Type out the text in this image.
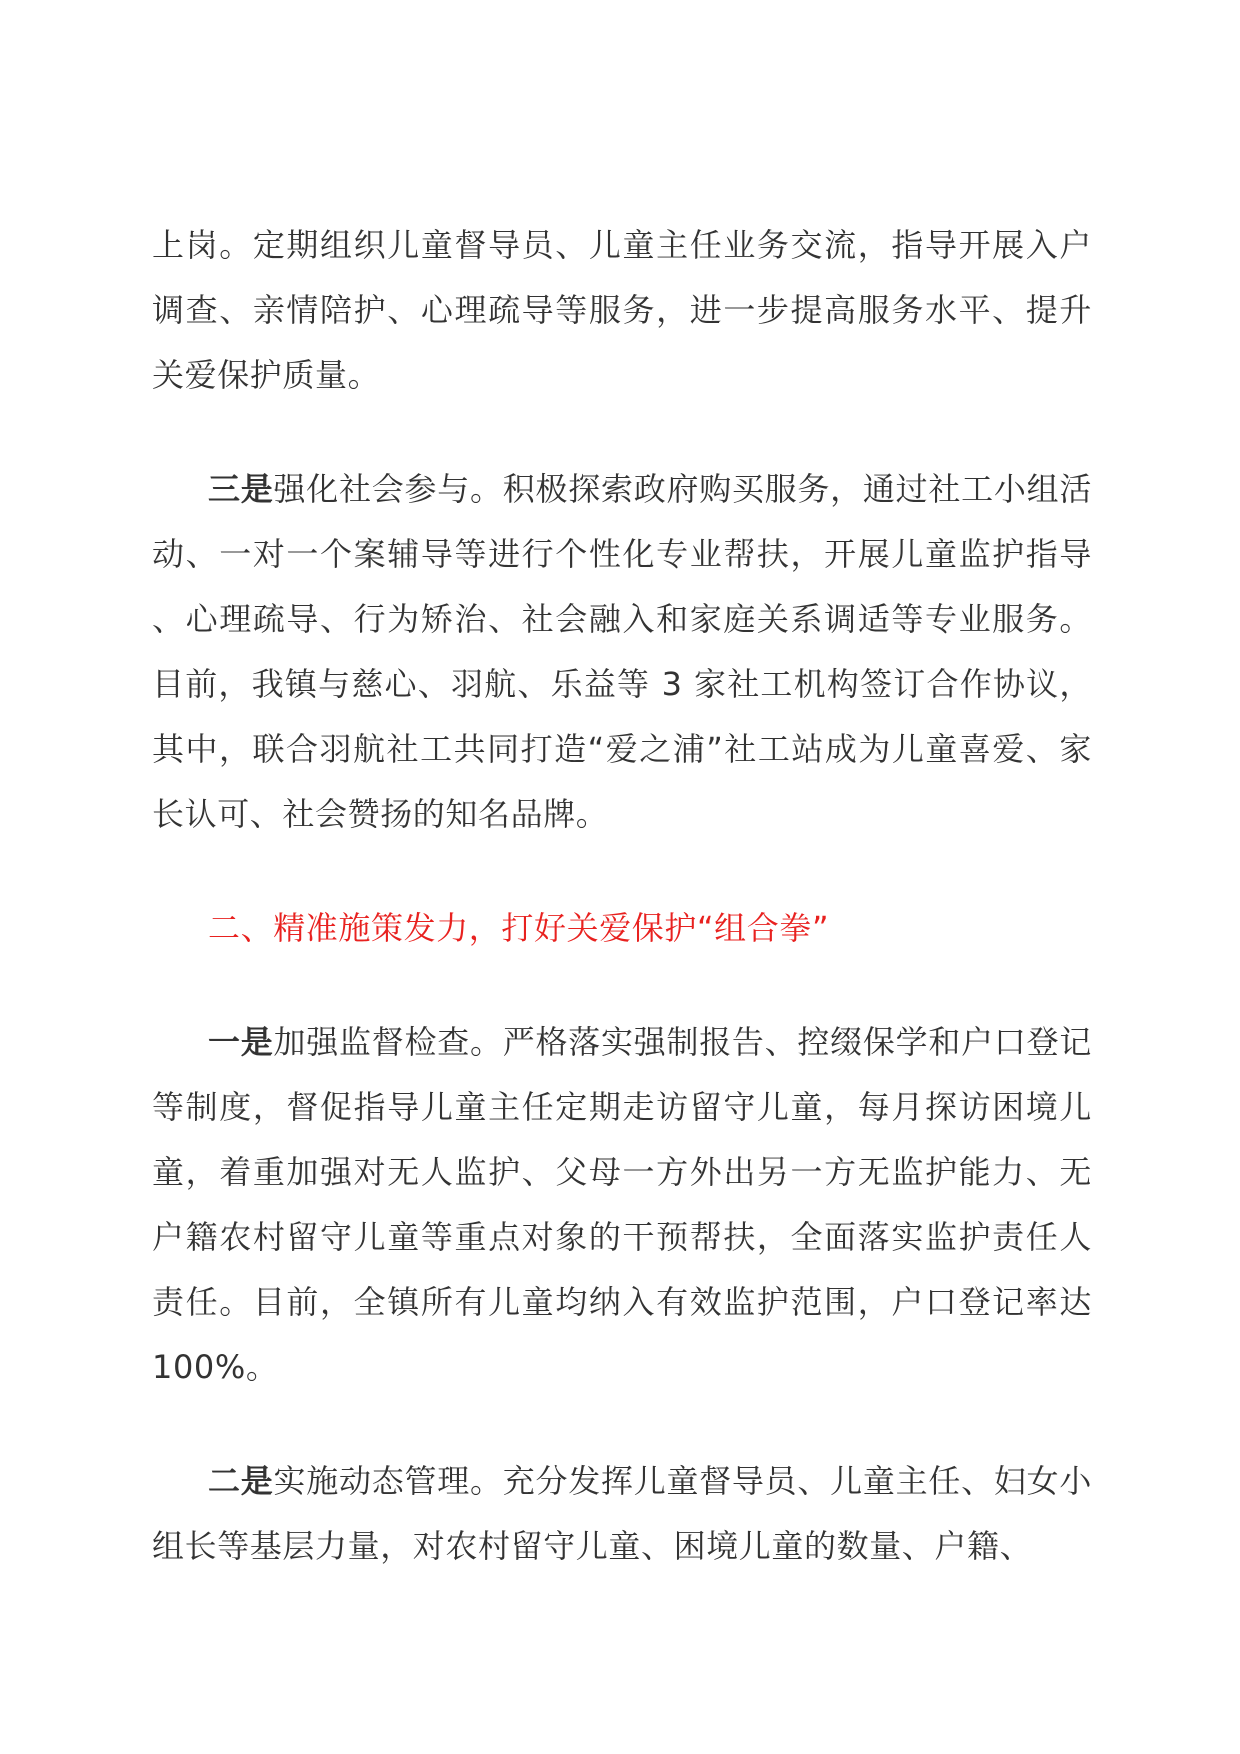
上岗。定期组织儿童督导员、儿童主任业务交流，指导开展入户调查、亲情陪护、心理疏导等服务，进一步提高服务水平、提升关爱保护质量。

三是强化社会参与。积极探索政府购买服务，通过社工小组活动、一对一个案辅导等进行个性化专业帮扶，开展儿童监护指导、心理疏导、行为矫治、社会融入和家庭关系调适等专业服务。目前，我镇与慈心、羽航、乐益等 3 家社工机构签订合作协议，其中，联合羽航社工共同打造“爱之浦”社工站成为儿童喜爱、家长认可、社会赞扬的知名品牌。

二、精准施策发力，打好关爱保护“组合拳”

一是加强监督检查。严格落实强制报告、控缀保学和户口登记等制度，督促指导儿童主任定期走访留守儿童，每月探访困境儿童，着重加强对无人监护、父母一方外出另一方无监护能力、无户籍农村留守儿童等重点对象的干预帮扶，全面落实监护责任人责任。目前，全镇所有儿童均纳入有效监护范围，户口登记率达 100%。

二是实施动态管理。充分发挥儿童督导员、儿童主任、妇女小组长等基层力量，对农村留守儿童、困境儿童的数量、户籍、
